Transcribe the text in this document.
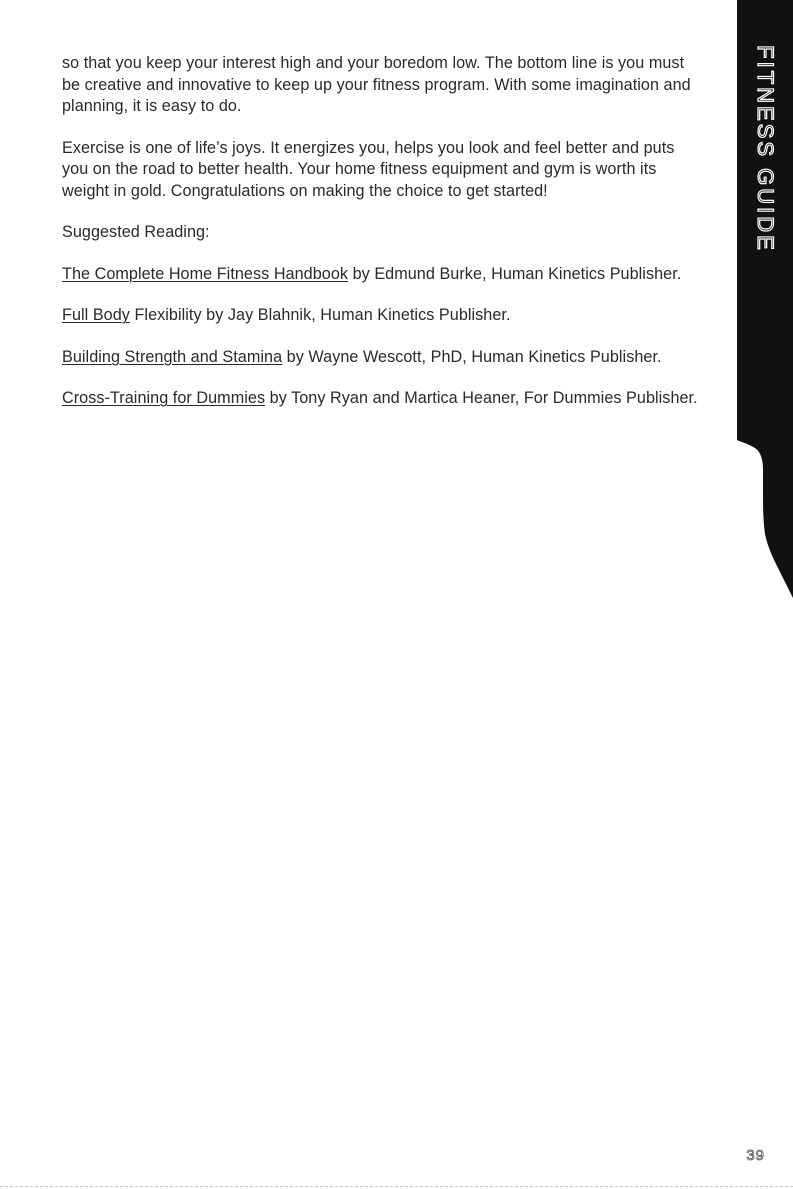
so that you keep your interest high and your boredom low. The bottom line is you must be creative and innovative to keep up your fitness program. With some imagination and planning, it is easy to do.

Exercise is one of life’s joys. It energizes you, helps you look and feel better and puts you on the road to better health. Your home fitness equipment and gym is worth its weight in gold. Congratulations on making the choice to get started!

Suggested Reading:

The Complete Home Fitness Handbook by Edmund Burke, Human Kinetics Publisher.

Full Body Flexibility by Jay Blahnik, Human Kinetics Publisher.

Building Strength and Stamina by Wayne Wescott, PhD, Human Kinetics Publisher.

Cross-Training for Dummies by Tony Ryan and Martica Heaner, For Dummies Publisher.

FITNESS GUIDE
39
